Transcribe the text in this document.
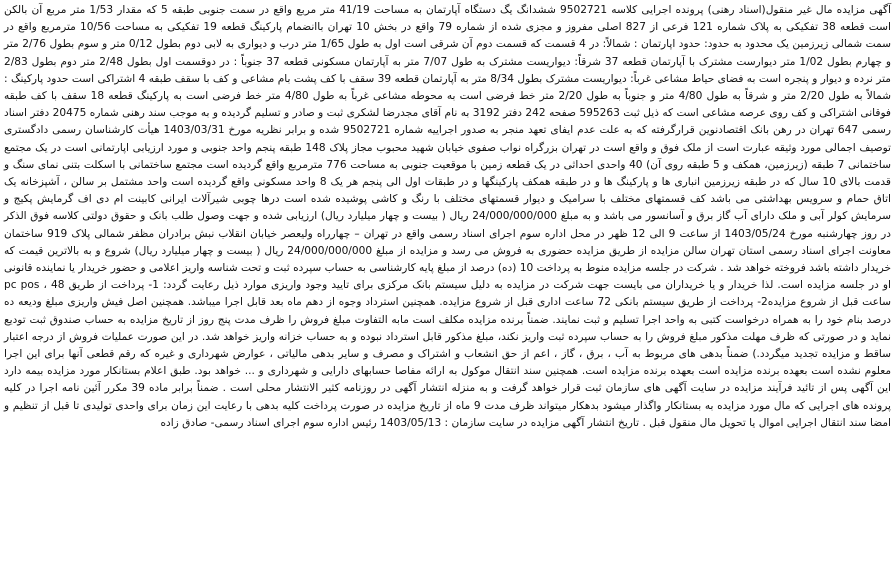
آگهی مزایده مال غیر منقول(اسناد رهنی) پرونده اجرایی کلاسه 9502721 ششدانگ یگ دستگاه آپارتمان به مساحت 41/19 متر مربع واقع در سمت جنوبی طبقه 5 که مقدار 1/53 متر مربع آن بالکن است قطعه 38 تفکیکی به پلاک شماره 121 فرعی از 827 اصلی مفروز و مجزی شده از شماره 79 واقع در بخش 10 تهران باانضمام پارکینگ قطعه 19 تفکیکی به مساحت 10/56 مترمربع واقع در سمت شمالی زیرزمین یک محدود به حدود: حدود اپارتمان : شمالاً: در 4 قسمت که قسمت دوم آن شرقی است اول به طول 1/65 متر درب و دیواری به لابی دوم بطول 0/12 متر و سوم بطول 2/76 متر و چهارم بطول 1/02 متر دیوارست مشترک با آپارتمان قطعه 37 شرقاً: دیواریست مشترک به طول 7/07 متر به آپارتمان مسکونی قطعه 37 جنوباً : در دوقسمت اول بطول 2/48 متر دوم بطول 2/83 متر نرده و دیوار و پنجره است به فضای حیاط مشاعی غرباً: دیواریست مشترک بطول 8/34 متر به آپارتمان قطعه 39 سقف با کف پشت بام مشاعی و کف با سقف طبقه 4 اشتراکی است حدود پارکینگ : شمالاً به طول 2/20 متر و شرقاً به طول 4/80 متر و جنوباً به طول 2/20 متر خط فرضی است به محوطه مشاعی غرباً به طول 4/80 متر خط فرضی است به پارکینگ قطعه 18 سقف با کف طبقه فوقانی اشتراکی و کف روی عرصه مشاعی است که ذیل ثبت 595263 صفحه 242 دفتر 3192 به نام آقای مجدرضا لشکری ثبت و صادر و تسلیم گردیده و به موجب سند رهنی شماره 20475 دفتر اسناد رسمی 647 تهران در رهن بانک اقتصادنوین قرارگرفته که به علت عدم ایفای تعهد منجر به صدور اجراییه شماره 9502721 شده و برابر نظریه مورخ 1403/03/31 هیأت کارشناسان رسمی دادگستری توصیف اجمالی مورد وثیقه عبارت است از ملک فوق و واقع است در تهران بزرگراه نواب صفوی خیابان شهید محبوب مجاز پلاک 148 طبقه پنجم واحد جنوبی و مورد ارزیابی اپارتمانی است در یک مجتمع ساختمانی 7 طبقه (زیرزمین، همکف و 5 طبقه روی آن) 40 واحدی احداثی در یک قطعه زمین با موقعیت جنوبی به مساحت 776 مترمربع واقع گردیده است مجتمع ساختمانی با اسکلت بتنی نمای سنگ و قدمت بالای 10 سال که در طبقه زیرزمین انباری ها و پارکینگ ها و در طبقه همکف پارکینگها و در طبقات اول الی پنجم هر یک 8 واحد مسکونی واقع گردیده است واحد مشتمل بر سالن ، آشپزخانه یک اتاق حمام و سرویس بهداشتی می باشد کف قسمتهای مختلف با سرامیک و دیوار قسمتهای مختلف با رنگ و کاشی پوشیده شده است درها چوبی شیرآلات ایرانی کابینت ام دی اف گرمایش پکیج و سرمایش کولر آبی و ملک دارای آب گاز برق و آسانسور می باشد و به مبلغ 24/000/000/000 ریال ( بیست و چهار میلیارد ریال) ارزیابی شده و جهت وصول طلب بانک و حقوق دولتی کلاسه فوق الذکر در روز چهارشنبه مورخ 1403/05/24 از ساعت 9 الی 12 ظهر در محل اداره سوم اجرای اسناد رسمی واقع در تهران – چهارراه ولیعصر خیابان انقلاب نبش برادران مظفر شمالی پلاک 919 ساختمان معاونت اجرای اسناد رسمی استان تهران سالن مزایده از طریق مزایده حضوری به فروش می رسد و مزایده از مبلغ 24/000/000/000 ریال ( بیست و چهار میلیارد ریال) شروع و به بالاترین قیمت که خریدار داشته باشد فروخته خواهد شد . شرکت در جلسه مزایده منوط به پرداخت 10 (ده) درصد از مبلغ پایه کارشناسی به حساب سپرده ثبت و تحت شناسه واریز اعلامی و حضور خریدار یا نماینده قانونی او در جلسه مزایده است. لذا خریدار و یا خریداران می بایست جهت شرکت در مزایده به دلیل سیستم بانک مرکزی برای تایید وجود واریزی موارد ذیل رعایت گردد: 1- پرداخت از طریق pc pos ، 48 ساعت قبل از شروع مزایده2- پرداخت از طریق سیستم بانکی 72 ساعت اداری قبل از شروع مزایده. همچنین استرداد وجوه از دهم ماه بعد قابل اجرا میباشد. همچنین اصل فیش واریزی مبلغ ودیعه ده درصد بنام خود را به همراه درخواست کتبی به واحد اجرا تسلیم و ثبت نمایند. ضمناً برنده مزایده مکلف است مابه التفاوت مبلغ فروش را ظرف مدت پنج روز از تاریخ مزایده به حساب صندوق ثبت تودیع نماید و در صورتی که ظرف مهلت مذکور مبلغ فروش را به حساب سپرده ثبت واریز نکند، مبلغ مذکور قابل استرداد نبوده و به حساب خزانه واریز خواهد شد. در این صورت عملیات فروش از درجه اعتبار ساقط و مزایده تجدید میگردد.) ضمناً بدهی های مربوط به آب ، برق ، گاز ، اعم از حق انشعاب و اشتراک و مصرف و سایر بدهی مالیاتی ، عوارض شهرداری و غیره که رقم قطعی آنها برای این اجرا معلوم نشده است بعهده برنده مزایده است بعهده برنده مزایده است. همچنین سند انتقال موکول به ارائه مفاصا حسابهای دارایی و شهرداری و ... خواهد بود. طبق اعلام بستانکار مورد مزایده بیمه دارد این آگهی پس از تائید فرآیند مزایده در سایت آگهی های سازمان ثبت قرار خواهد گرفت و به منزله انتشار آگهی در روزنامه کثیر الانتشار محلی است . ضمناً برابر ماده 39 مکرر آئین نامه اجرا در کلیه پرونده های اجرایی که مال مورد مزایده به بستانکار واگذار میشود بدهکار میتواند ظرف مدت 9 ماه از تاریخ مزایده در صورت پرداخت کلیه بدهی با رعایت این زمان برای واحدی تولیدی تا قبل از تنظیم و امضا سند انتقال اجرایی اموال یا تحویل مال منقول قبل . تاریخ انتشار آگهی مزایده در سایت سازمان : 1403/05/13 رئیس اداره سوم اجرای اسناد رسمی- صادق زاده
